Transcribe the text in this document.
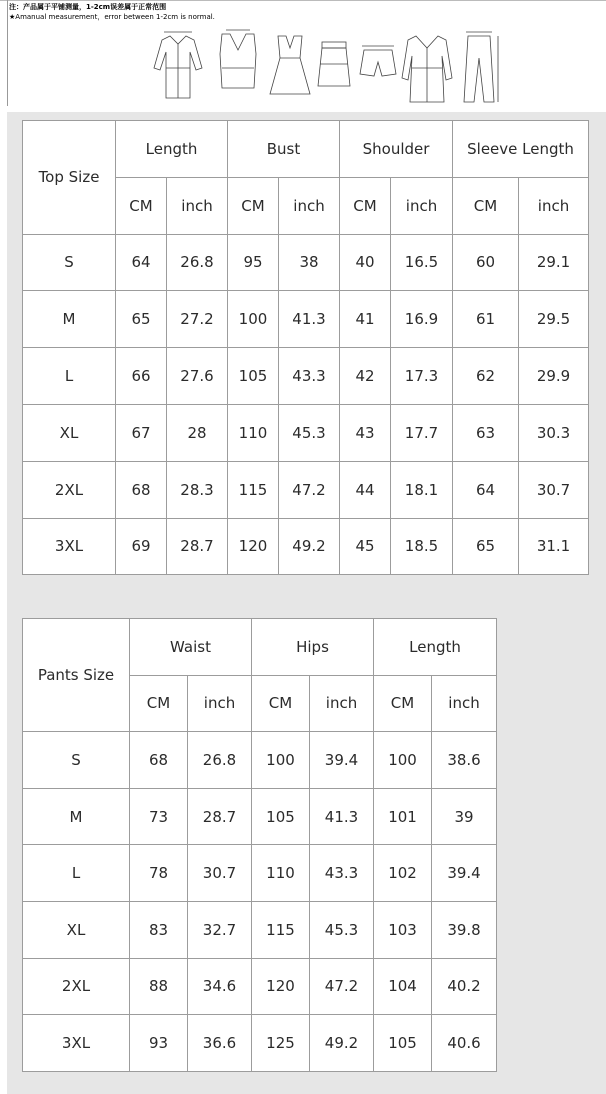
注：产品属于平铺测量，1-2cm误差属于正常范围
★Amanual measurement，error between 1-2cm is normal.
Top Size	Length		Bust		Shoulder		Sleeve Length	
	CM	inch	CM	inch	CM	inch	CM	inch
S	64	26.8	95	38	40	16.5	60	29.1
M	65	27.2	100	41.3	41	16.9	61	29.5
L	66	27.6	105	43.3	42	17.3	62	29.9
XL	67	28	110	45.3	43	17.7	63	30.3
2XL	68	28.3	115	47.2	44	18.1	64	30.7
3XL	69	28.7	120	49.2	45	18.5	65	31.1
Pants Size	Waist		Hips		Length	
	CM	inch	CM	inch	CM	inch
S	68	26.8	100	39.4	100	38.6
M	73	28.7	105	41.3	101	39
L	78	30.7	110	43.3	102	39.4
XL	83	32.7	115	45.3	103	39.8
2XL	88	34.6	120	47.2	104	40.2
3XL	93	36.6	125	49.2	105	40.6
